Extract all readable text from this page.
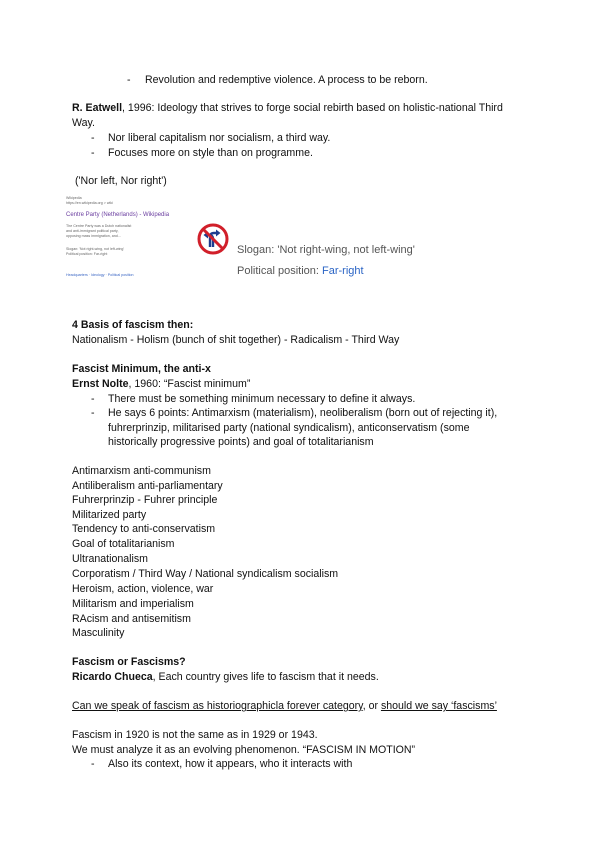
- Revolution and redemptive violence. A process to be reborn.
R. Eatwell, 1996: Ideology that strives to forge social rebirth based on holistic-national Third
Way.
- Nor liberal capitalism nor socialism, a third way.
- Focuses more on style than on programme.
('Nor left, Nor right')
Wikipedia
https://en.wikipedia.org > wiki
Centre Party (Netherlands) - Wikipedia
The Centre Party was a Dutch nationalist
and anti-immigrant political party,
opposing mass immigration, and...
Slogan: 'Not right-wing, not left-wing'
Political position: Far-right
Headquarters · Ideology · Political position
Slogan: 'Not right-wing, not left-wing'
Political position: Far-right
4 Basis of fascism then:
Nationalism - Holism (bunch of shit together) - Radicalism - Third Way
Fascist Minimum, the anti-x
Ernst Nolte, 1960: “Fascist minimum”
- There must be something minimum necessary to define it always.
- He says 6 points: Antimarxism (materialism), neoliberalism (born out of rejecting it),
fuhrerprinzip, militarised party (national syndicalism), anticonservatism (some
historically progressive points) and goal of totalitarianism
Antimarxism anti-communism
Antiliberalism anti-parliamentary
Fuhrerprinzip - Fuhrer principle
Militarized party
Tendency to anti-conservatism
Goal of totalitarianism
Ultranationalism
Corporatism / Third Way / National syndicalism socialism
Heroism, action, violence, war
Militarism and imperialism
RAcism and antisemitism
Masculinity
Fascism or Fascisms?
Ricardo Chueca, Each country gives life to fascism that it needs.
Can we speak of fascism as historiographicla forever category, or should we say ‘fascisms’
Fascism in 1920 is not the same as in 1929 or 1943.
We must analyze it as an evolving phenomenon. “FASCISM IN MOTION”
- Also its context, how it appears, who it interacts with
